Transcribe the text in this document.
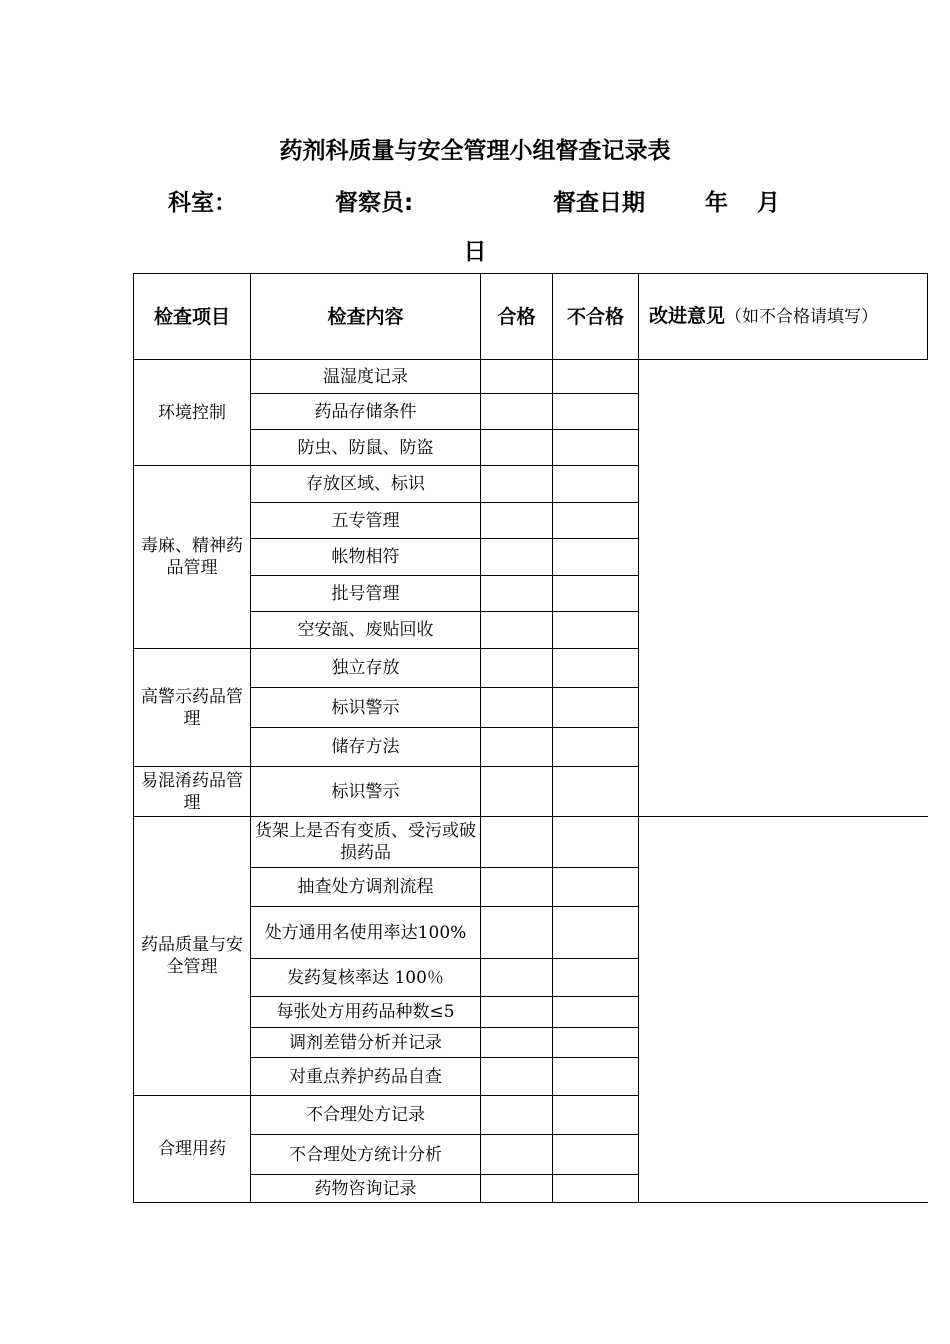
药剂科质量与安全管理小组督查记录表
科室：	督察员:	督查日期	年 月
日
检查项目	检查内容	合格	不合格	改进意见（如不合格请填写）
环境控制	温湿度记录			
	药品存储条件			
	防虫、防鼠、防盗			
毒麻、精神药品管理	存放区域、标识			
	五专管理			
	帐物相符			
	批号管理			
	空安瓿、废贴回收			
高警示药品管理	独立存放			
	标识警示			
	储存方法			
易混淆药品管理	标识警示			
药品质量与安全管理	货架上是否有变质、受污或破损药品			
	抽查处方调剂流程			
	处方通用名使用率达100%			
	发药复核率达 100％			
	每张处方用药品种数≤5			
	调剂差错分析并记录			
	对重点养护药品自查			
合理用药	不合理处方记录			
	不合理处方统计分析			
	药物咨询记录			
